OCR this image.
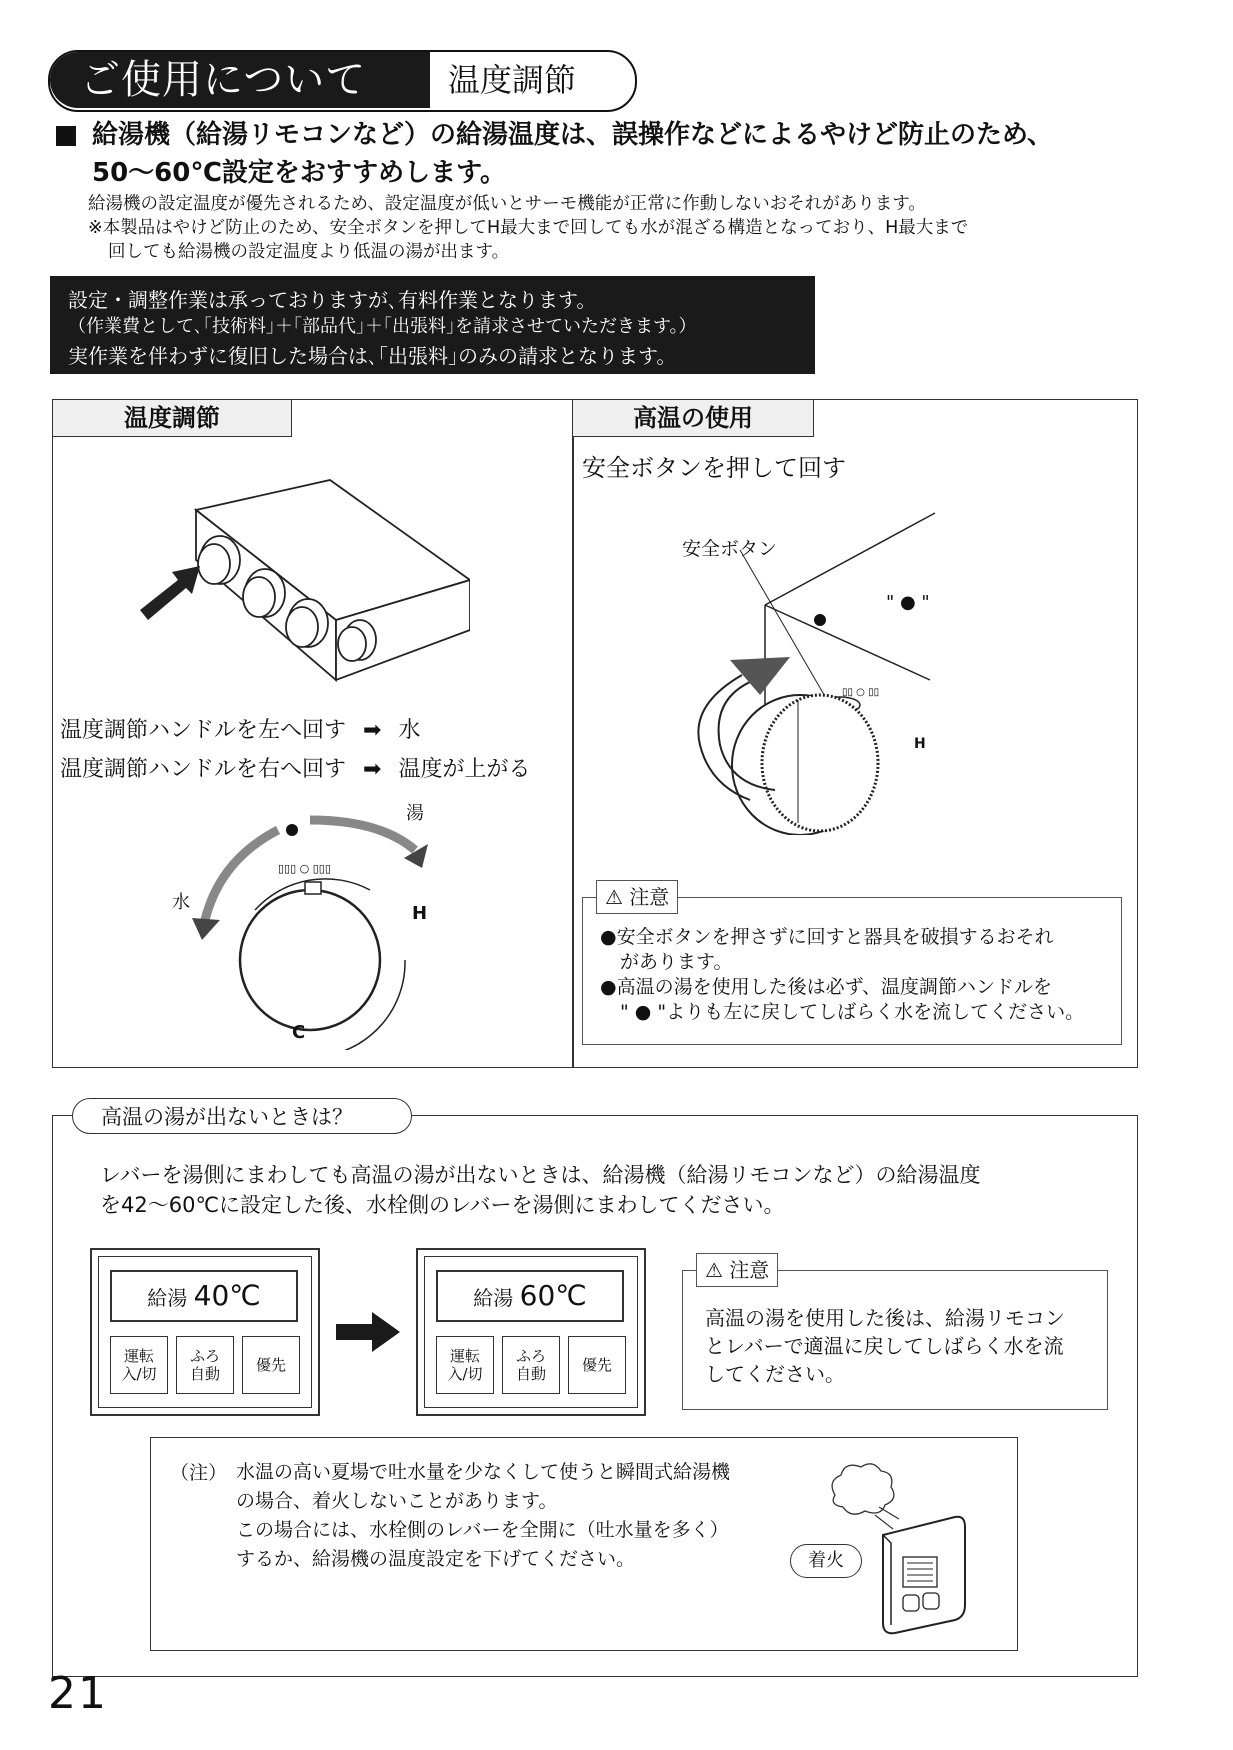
ご使用について	温度調節
給湯機（給湯リモコンなど）の給湯温度は、誤操作などによるやけど防止のため、
50～60℃設定をおすすめします。
給湯機の設定温度が優先されるため、設定温度が低いとサーモ機能が正常に作動しないおそれがあります。
※本製品はやけど防止のため、安全ボタンを押してH最大まで回しても水が混ざる構造となっており、H最大まで
回しても給湯機の設定温度より低温の湯が出ます。
設定・調整作業は承っておりますが､有料作業となります。
（作業費として､｢技術料｣＋｢部品代｣＋｢出張料｣を請求させていただきます。）
実作業を伴わずに復旧した場合は､｢出張料｣のみの請求となります。
温度調節
温度調節ハンドルを左へ回す ➡ 水
温度調節ハンドルを右へ回す ➡ 温度が上がる
▯▯▯ ○ ▯▯▯
湯
水
H
C
高温の使用
安全ボタンを押して回す
▯▯ ○ ▯▯
安全ボタン
" ● "
H
⚠ 注意
●安全ボタンを押さずに回すと器具を破損するおそれ
があります。
●高温の湯を使用した後は必ず、温度調節ハンドルを
" ● "よりも左に戻してしばらく水を流してください。
高温の湯が出ないときは？
レバーを湯側にまわしても高温の湯が出ないときは、給湯機（給湯リモコンなど）の給湯温度
を42～60℃に設定した後、水栓側のレバーを湯側にまわしてください。
給湯 40℃
運転
入/切
ふろ
自動	優先
給湯 60℃
運転
入/切
ふろ
自動	優先
⚠ 注意
高温の湯を使用した後は、給湯リモコン
とレバーで適温に戻してしばらく水を流
してください。
（注） 水温の高い夏場で吐水量を少なくして使うと瞬間式給湯機
の場合、着火しないことがあります。
この場合には、水栓側のレバーを全開に（吐水量を多く）
するか、給湯機の温度設定を下げてください。	着火
21
